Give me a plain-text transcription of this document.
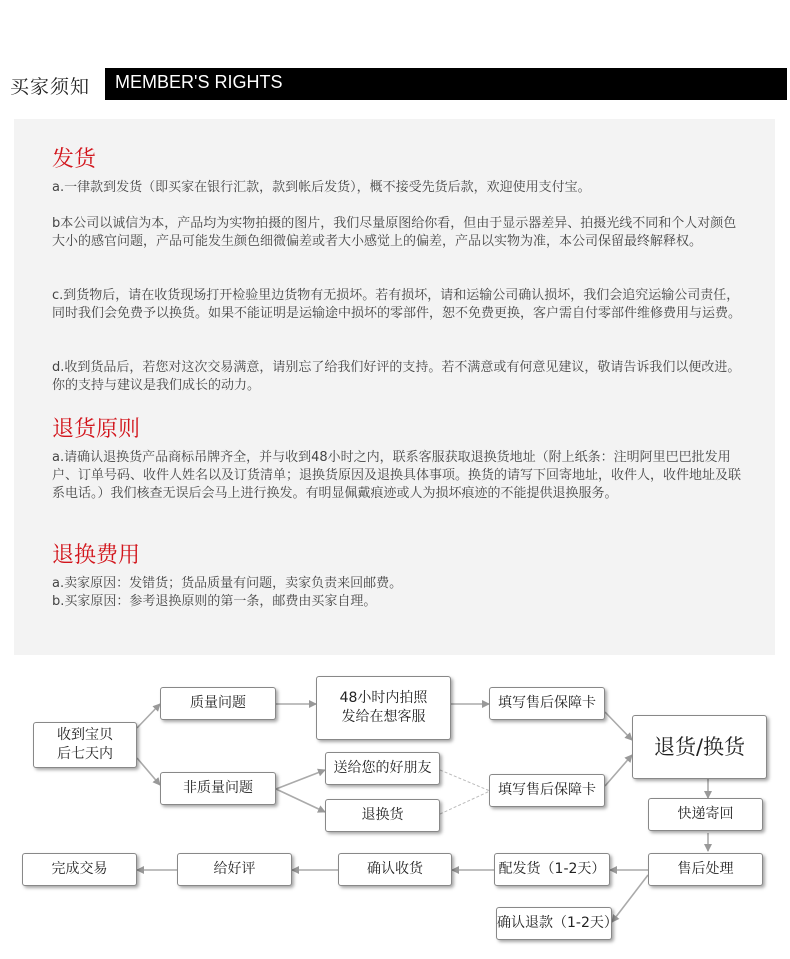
买家须知 MEMBER'S RIGHTS
发货
a.一律款到发货（即买家在银行汇款，款到帐后发货），概不接受先货后款，欢迎使用支付宝。
b本公司以诚信为本，产品均为实物拍摄的图片，我们尽量原图给你看，但由于显示器差异、拍摄光线不同和个人对颜色大小的感官问题，产品可能发生颜色细微偏差或者大小感觉上的偏差，产品以实物为准，本公司保留最终解释权。
c.到货物后，请在收货现场打开检验里边货物有无损坏。若有损坏，请和运输公司确认损坏，我们会追究运输公司责任，同时我们会免费予以换货。如果不能证明是运输途中损坏的零部件，恕不免费更换，客户需自付零部件维修费用与运费。
d.收到货品后，若您对这次交易满意，请别忘了给我们好评的支持。若不满意或有何意见建议，敬请告诉我们以便改进。你的支持与建议是我们成长的动力。
退货原则
a.请确认退换货产品商标吊牌齐全，并与收到48小时之内，联系客服获取退换货地址（附上纸条：注明阿里巴巴批发用户、订单号码、收件人姓名以及订货清单；退换货原因及退换具体事项。换货的请写下回寄地址，收件人，收件地址及联系电话。）我们核查无误后会马上进行换发。有明显佩戴痕迹或人为损坏痕迹的不能提供退换服务。
退换费用
a.卖家原因：发错货；货品质量有问题，卖家负责来回邮费。
b.买家原因：参考退换原则的第一条，邮费由买家自理。
收到宝贝
后七天内
质量问题
非质量问题
48小时内拍照
发给在想客服
填写售后保障卡
送给您的好朋友
退换货
填写售后保障卡
退货/换货
快递寄回
售后处理
配发货（1-2天）
确认退款（1-2天）
确认收货
给好评
完成交易
